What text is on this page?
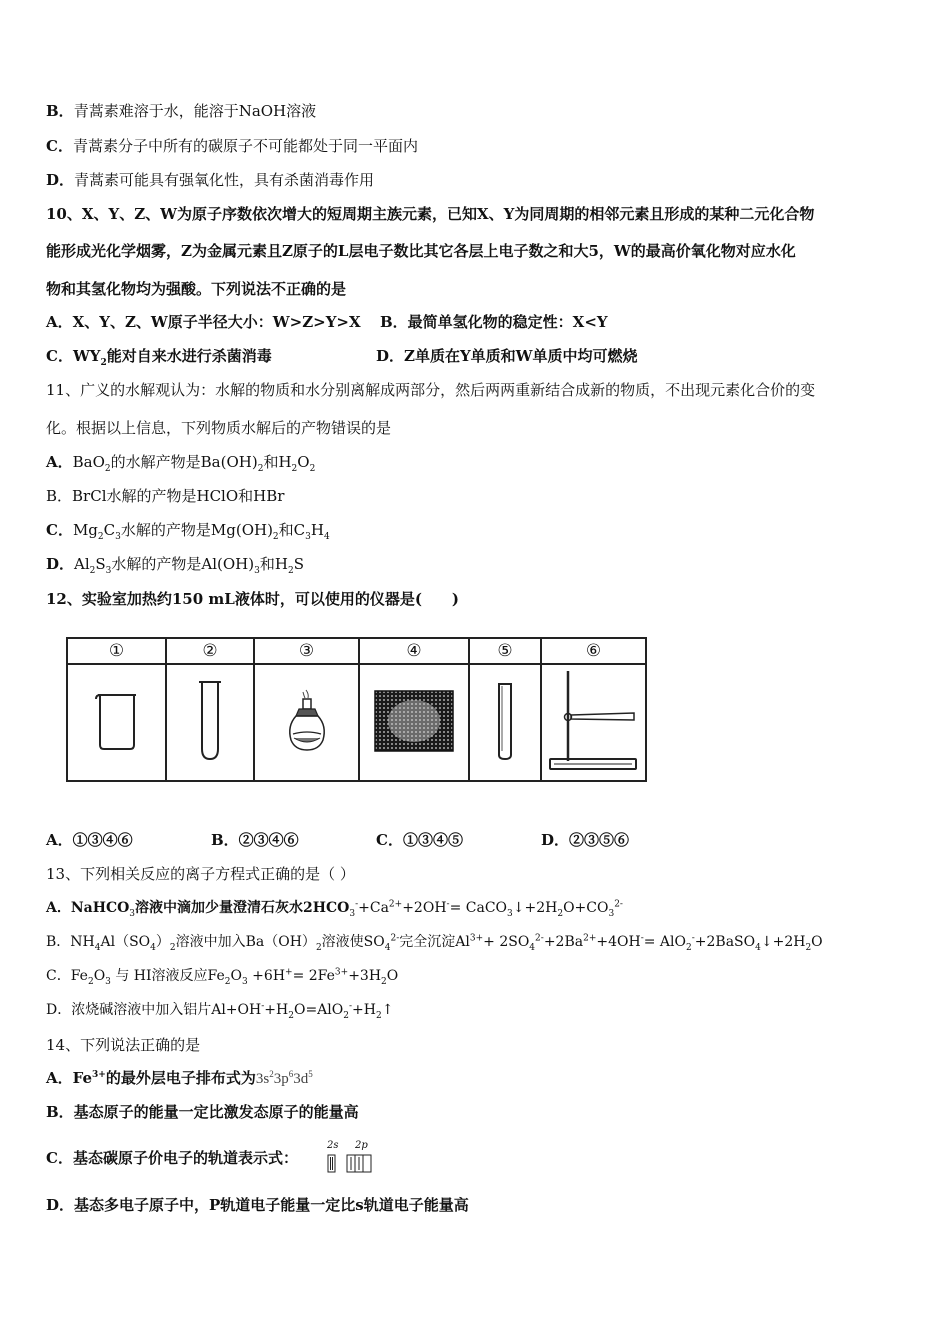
B．青蒿素难溶于水，能溶于NaOH溶液
C．青蒿素分子中所有的碳原子不可能都处于同一平面内
D．青蒿素可能具有强氧化性，具有杀菌消毒作用
10、X、Y、Z、W为原子序数依次增大的短周期主族元素，已知X、Y为同周期的相邻元素且形成的某种二元化合物
能形成光化学烟雾，Z为金属元素且Z原子的L层电子数比其它各层上电子数之和大5，W的最高价氧化物对应水化
物和其氢化物均为强酸。下列说法不正确的是
A．X、Y、Z、W原子半径大小：W>Z>Y>X B．最简单氢化物的稳定性：X<Y
C．$WY_2$能对自来水进行杀菌消毒	D．Z单质在Y单质和W单质中均可燃烧
11、广义的水解观认为：水解的物质和水分别离解成两部分，然后两两重新结合成新的物质，不出现元素化合价的变
化。根据以上信息，下列物质水解后的产物错误的是
A．BaO$_2$的水解产物是$Ba(OH)_2$和$H_2O_2$
B．BrCl水解的产物是HClO和HBr
C．$Mg_2C_3$水解的产物是$Mg(OH)_2$和$C_3H_4$
D．$Al_2S_3$水解的产物是$Al(OH)_3$和$H_2S$
12、实验室加热约150 mL液体时，可以使用的仪器是(　　)
①	②	③	④	⑤	⑥

A．①③④⑥	B．②③④⑥	C．①③④⑤	D．②③⑤⑥
13、下列相关反应的离子方程式正确的是（ ）
A．NaHCO$_3$溶液中滴加少量澄清石灰水$2HCO_3^-+Ca^{2+}+2OH^-=$ $CaCO_3↓+2H_2O+CO_3^{2-}$
B．$NH_4Al(SO_4)_2$溶液中加入$Ba(OH)_2$溶液使$SO_4^{2-}$完全沉淀$Al^{3+}+ 2SO_4^{2-}+2Ba^{2+}+4OH^-=$ $AlO_2^-+2BaSO_4↓+2H_2O$
C．$Fe_2O_3$ 与 HI溶液反应$Fe_2O_3 +6H^+= 2Fe^{3+}+3H_2O$
D．浓烧碱溶液中加入铝片$Al+OH^-+H_2O=AlO_2^-+H_2↑$
14、下列说法正确的是
A．$Fe^{3+}$的最外层电子排布式为$3s^23p^63d^5$
B．基态原子的能量一定比激发态原子的能量高
C．基态碳原子价电子的轨道表示式：
2s 2p
D．基态多电子原子中，P轨道电子能量一定比s轨道电子能量高
